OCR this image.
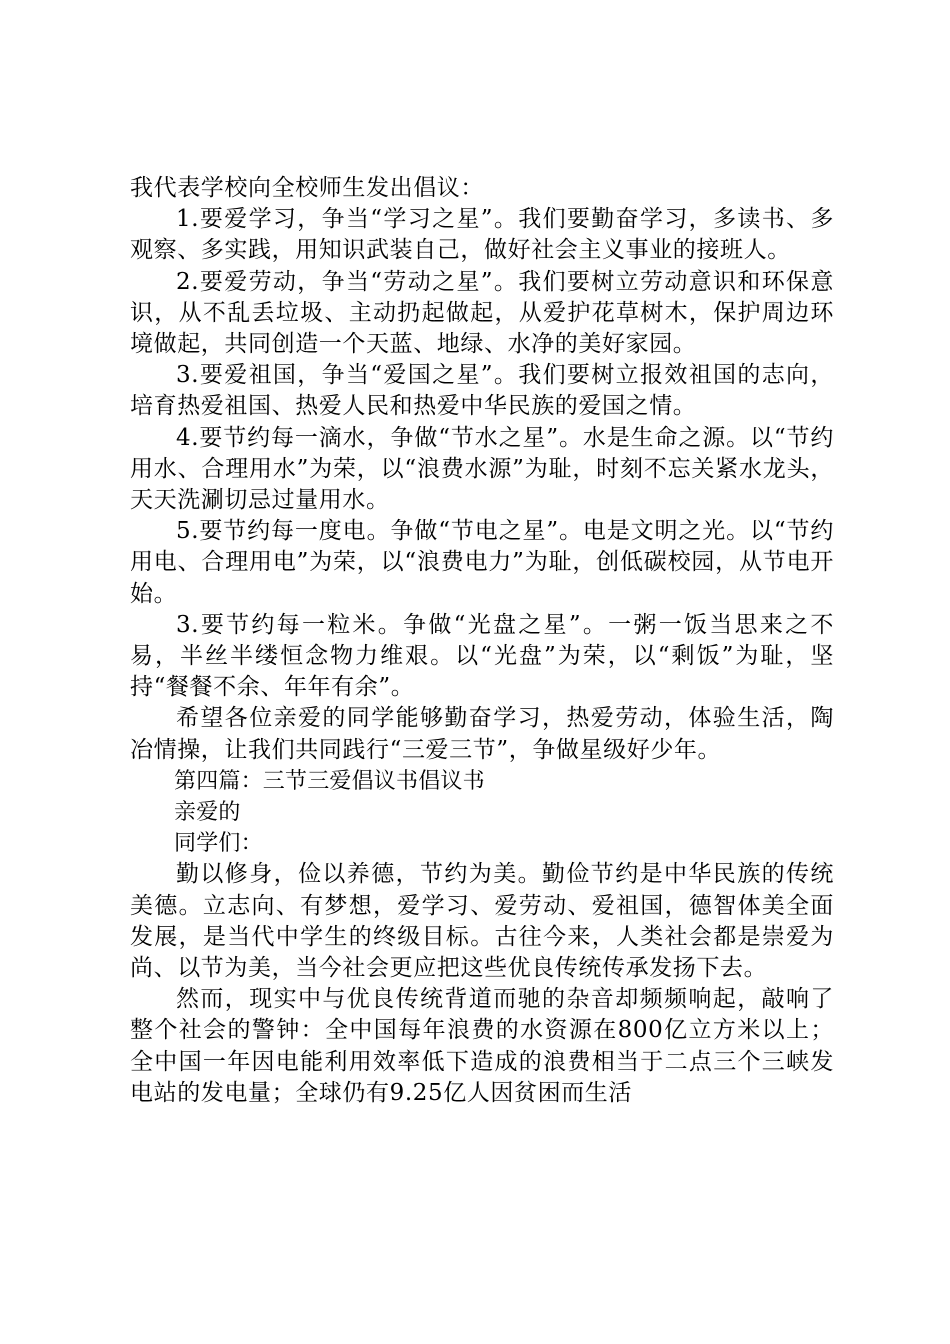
我代表学校向全校师生发出倡议：

1.要爱学习，争当“学习之星”。我们要勤奋学习，多读书、多观察、多实践，用知识武装自己，做好社会主义事业的接班人。

2.要爱劳动，争当“劳动之星”。我们要树立劳动意识和环保意识，从不乱丢垃圾、主动扔起做起，从爱护花草树木，保护周边环境做起，共同创造一个天蓝、地绿、水净的美好家园。

3.要爱祖国，争当“爱国之星”。我们要树立报效祖国的志向，培育热爱祖国、热爱人民和热爱中华民族的爱国之情。

4.要节约每一滴水，争做“节水之星”。水是生命之源。以“节约用水、合理用水”为荣，以“浪费水源”为耻，时刻不忘关紧水龙头，天天洗涮切忌过量用水。

5.要节约每一度电。争做“节电之星”。电是文明之光。以“节约用电、合理用电”为荣，以“浪费电力”为耻，创低碳校园，从节电开始。

3.要节约每一粒米。争做“光盘之星”。一粥一饭当思来之不易，半丝半缕恒念物力维艰。以“光盘”为荣，以“剩饭”为耻，坚持“餐餐不余、年年有余”。

希望各位亲爱的同学能够勤奋学习，热爱劳动，体验生活，陶冶情操，让我们共同践行“三爱三节”，争做星级好少年。

第四篇：三节三爱倡议书倡议书

亲爱的

同学们：

勤以修身，俭以养德，节约为美。勤俭节约是中华民族的传统美德。立志向、有梦想，爱学习、爱劳动、爱祖国，德智体美全面发展，是当代中学生的终级目标。古往今来，人类社会都是崇爱为尚、以节为美，当今社会更应把这些优良传统传承发扬下去。

然而，现实中与优良传统背道而驰的杂音却频频响起，敲响了整个社会的警钟：全中国每年浪费的水资源在800亿立方米以上；全中国一年因电能利用效率低下造成的浪费相当于二点三个三峡发电站的发电量；全球仍有9.25亿人因贫困而生活
